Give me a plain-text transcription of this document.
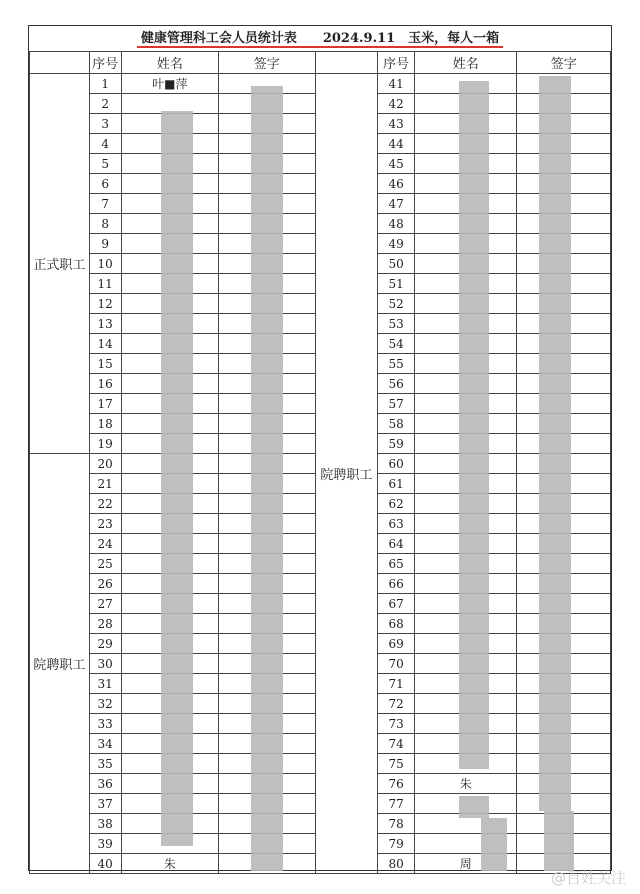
健康管理科工会人员统计表　　2024.9.11　玉米，每人一箱
	序号	姓名	签字		序号	姓名	签字
正式职工	1	叶■萍		院聘职工	41		
	2				42		
	3				43		
	4				44		
	5				45		
	6				46		
	7				47		
	8				48		
	9				49		
	10				50		
	11				51		
	12				52		
	13				53		
	14				54		
	15				55		
	16				56		
	17				57		
	18				58		
	19				59		
院聘职工	20				60		
	21				61		
	22				62		
	23				63		
	24				64		
	25				65		
	26				66		
	27				67		
	28				68		
	29				69		
	30				70		
	31				71		
	32				72		
	33				73		
	34				74		
	35				75		
	36				76	朱	
	37				77		
	38				78		
	39				79		
	40	朱			80	周	
@百姓关注
